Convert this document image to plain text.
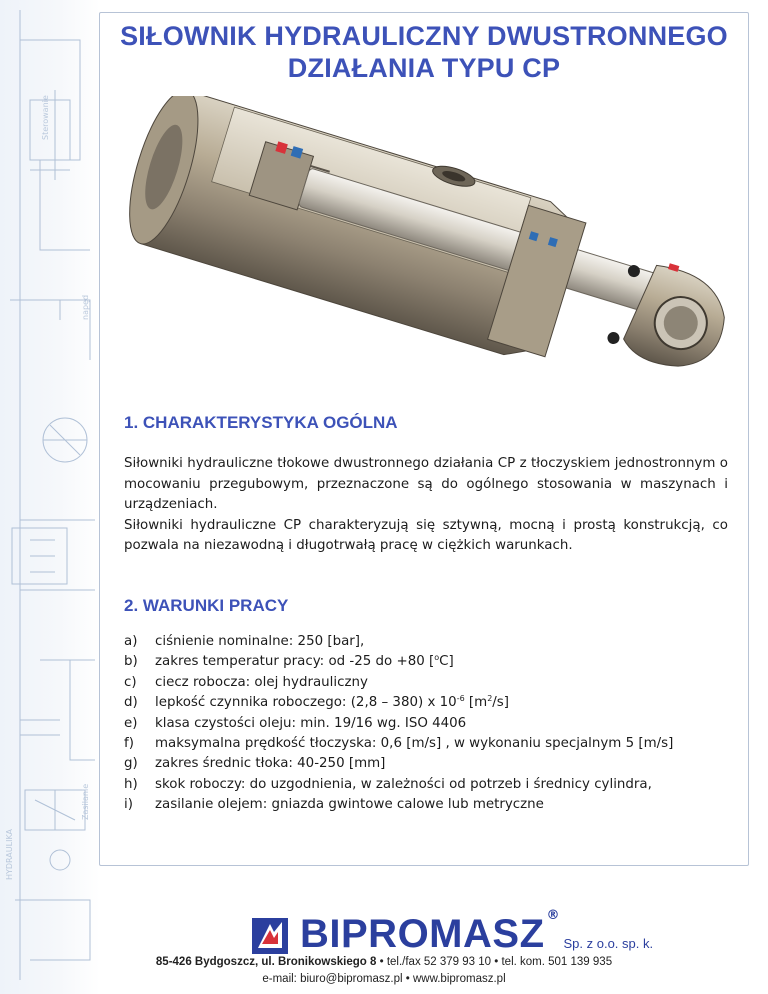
Sterowanie
napęd
HYDRAULIKA
Zasilanie
SIŁOWNIK HYDRAULICZNY DWUSTRONNEGO
DZIAŁANIA TYPU CP
1. CHARAKTERYSTYKA OGÓLNA
Siłowniki hydrauliczne tłokowe dwustronnego działania CP z tłoczyskiem jednostronnym o mocowaniu przegubowym, przeznaczone są do ogólnego stosowania w maszynach i urządzeniach.
Siłowniki hydrauliczne CP charakteryzują się sztywną, mocną i prostą konstrukcją, co pozwala na niezawodną i długotrwałą pracę w ciężkich warunkach.
2. WARUNKI PRACY
a)	ciśnienie nominalne: 250 [bar],
b)	zakres temperatur pracy: od -25 do +80 [$^o$C]
c)	ciecz robocza: olej hydrauliczny
d)	lepkość czynnika roboczego: (2,8 – 380) x $10^{-6}$ $[m^2/s]$
e)	klasa czystości oleju: min. 19/16 wg. ISO 4406
f)	maksymalna prędkość tłoczyska: 0,6 [m/s] , w wykonaniu specjalnym 5 [m/s]
g)	zakres średnic tłoka: 40-250 [mm]
h)	skok roboczy: do uzgodnienia, w zależności od potrzeb i średnicy cylindra,
i)	zasilanie olejem: gniazda gwintowe calowe lub metryczne
BIPROMASZ ®
Sp. z o.o. sp. k.
85-426 Bydgoszcz, ul. Bronikowskiego 8 • tel./fax 52 379 93 10 • tel. kom. 501 139 935
e-mail: biuro@bipromasz.pl • www.bipromasz.pl
